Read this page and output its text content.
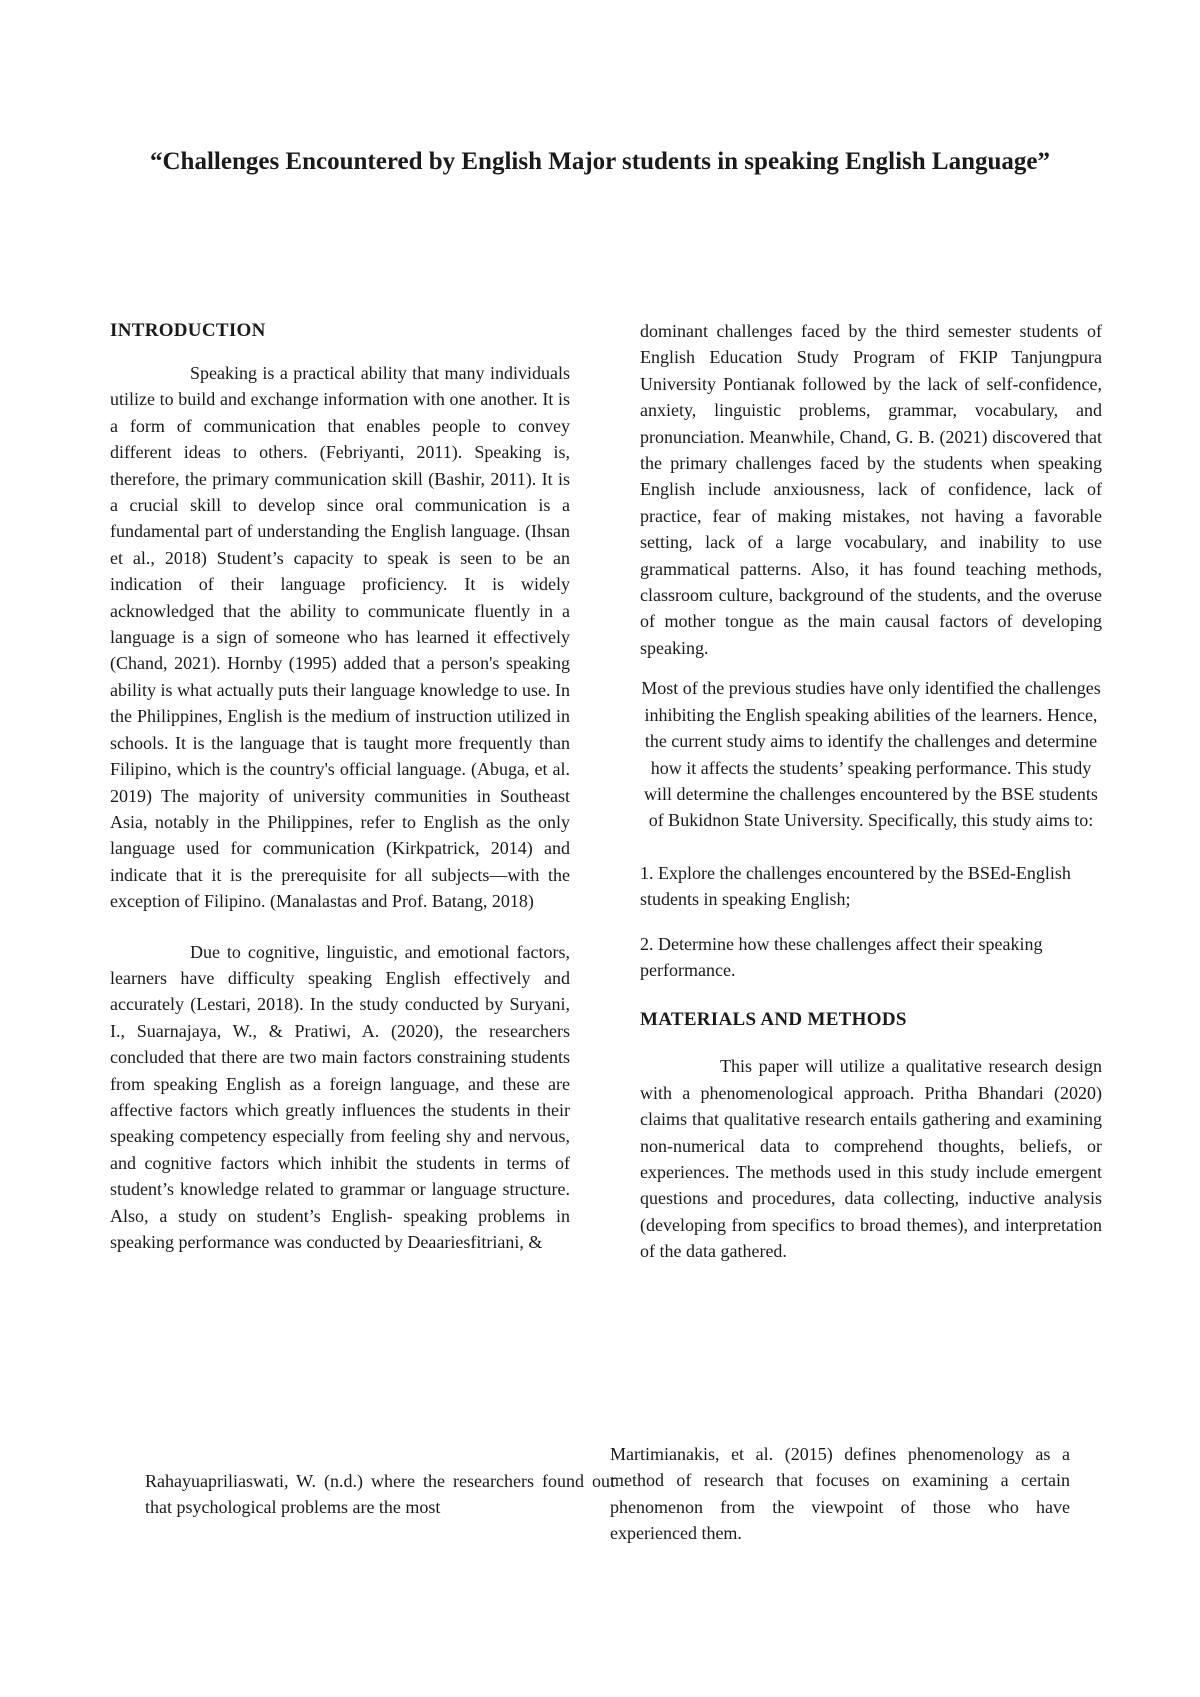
“Challenges Encountered by English Major students in speaking English Language”
INTRODUCTION

Speaking is a practical ability that many individuals utilize to build and exchange information with one another. It is a form of communication that enables people to convey different ideas to others. (Febriyanti, 2011). Speaking is, therefore, the primary communication skill (Bashir, 2011). It is a crucial skill to develop since oral communication is a fundamental part of understanding the English language. (Ihsan et al., 2018) Student’s capacity to speak is seen to be an indication of their language proficiency. It is widely acknowledged that the ability to communicate fluently in a language is a sign of someone who has learned it effectively (Chand, 2021). Hornby (1995) added that a person's speaking ability is what actually puts their language knowledge to use. In the Philippines, English is the medium of instruction utilized in schools. It is the language that is taught more frequently than Filipino, which is the country's official language. (Abuga, et al. 2019) The majority of university communities in Southeast Asia, notably in the Philippines, refer to English as the only language used for communication (Kirkpatrick, 2014) and indicate that it is the prerequisite for all subjects—with the exception of Filipino. (Manalastas and Prof. Batang, 2018)

Due to cognitive, linguistic, and emotional factors, learners have difficulty speaking English effectively and accurately (Lestari, 2018). In the study conducted by Suryani, I., Suarnajaya, W., & Pratiwi, A. (2020), the researchers concluded that there are two main factors constraining students from speaking English as a foreign language, and these are affective factors which greatly influences the students in their speaking competency especially from feeling shy and nervous, and cognitive factors which inhibit the students in terms of student’s knowledge related to grammar or language structure. Also, a study on student’s English- speaking problems in speaking performance was conducted by Deaariesfitriani, &

Rahayuapriliaswati, W. (n.d.) where the researchers found out that psychological problems are the most

dominant challenges faced by the third semester students of English Education Study Program of FKIP Tanjungpura University Pontianak followed by the lack of self-confidence, anxiety, linguistic problems, grammar, vocabulary, and pronunciation. Meanwhile, Chand, G. B. (2021) discovered that the primary challenges faced by the students when speaking English include anxiousness, lack of confidence, lack of practice, fear of making mistakes, not having a favorable setting, lack of a large vocabulary, and inability to use grammatical patterns. Also, it has found teaching methods, classroom culture, background of the students, and the overuse of mother tongue as the main causal factors of developing speaking.

Most of the previous studies have only identified the challenges inhibiting the English speaking abilities of the learners. Hence, the current study aims to identify the challenges and determine how it affects the students’ speaking performance. This study will determine the challenges encountered by the BSE students of Bukidnon State University. Specifically, this study aims to:

1. Explore the challenges encountered by the BSEd-English students in speaking English;

2. Determine how these challenges affect their speaking performance.

MATERIALS AND METHODS

This paper will utilize a qualitative research design with a phenomenological approach. Pritha Bhandari (2020) claims that qualitative research entails gathering and examining non-numerical data to comprehend thoughts, beliefs, or experiences. The methods used in this study include emergent questions and procedures, data collecting, inductive analysis (developing from specifics to broad themes), and interpretation of the data gathered.

Martimianakis, et al. (2015) defines phenomenology as a method of research that focuses on examining a certain phenomenon from the viewpoint of those who have experienced them.
